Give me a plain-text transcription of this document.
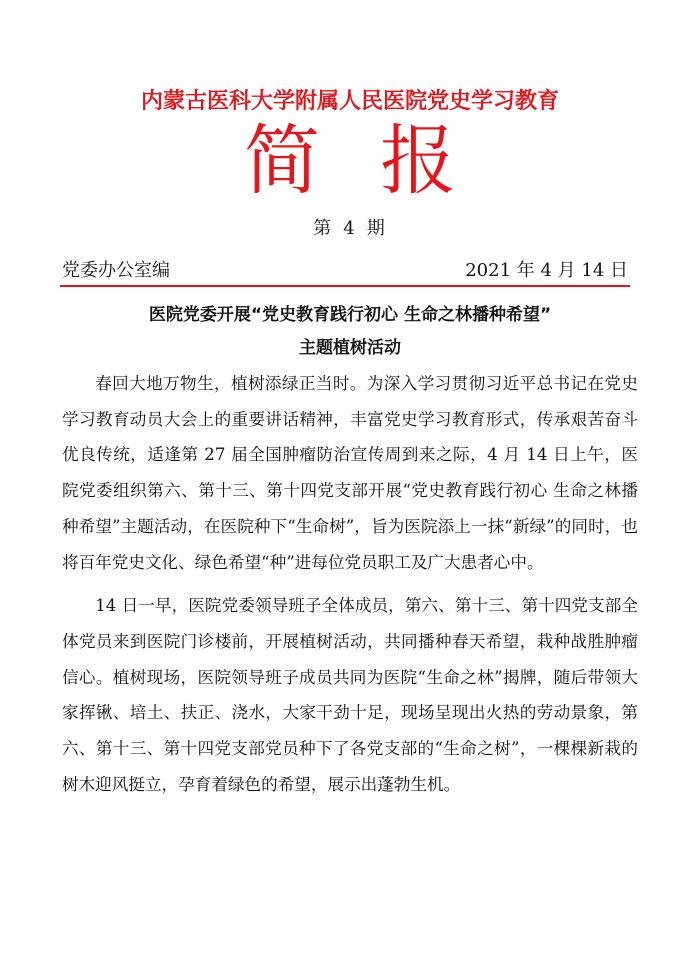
内蒙古医科大学附属人民医院党史学习教育
简报
第 4 期
党委办公室编	2021 年 4 月 14 日
医院党委开展“党史教育践行初心 生命之林播种希望”
主题植树活动

春回大地万物生，植树添绿正当时。为深入学习贯彻习近平总书记在党史学习教育动员大会上的重要讲话精神，丰富党史学习教育形式，传承艰苦奋斗优良传统，适逢第 27 届全国肿瘤防治宣传周到来之际，4 月 14 日上午，医院党委组织第六、第十三、第十四党支部开展“党史教育践行初心 生命之林播种希望”主题活动，在医院种下“生命树”，旨为医院添上一抹“新绿”的同时，也将百年党史文化、绿色希望“种”进每位党员职工及广大患者心中。

14 日一早，医院党委领导班子全体成员，第六、第十三、第十四党支部全体党员来到医院门诊楼前，开展植树活动，共同播种春天希望，栽种战胜肿瘤信心。植树现场，医院领导班子成员共同为医院“生命之林”揭牌，随后带领大家挥锹、培土、扶正、浇水，大家干劲十足，现场呈现出火热的劳动景象，第六、第十三、第十四党支部党员种下了各党支部的“生命之树”，一棵棵新栽的树木迎风挺立，孕育着绿色的希望，展示出蓬勃生机。
